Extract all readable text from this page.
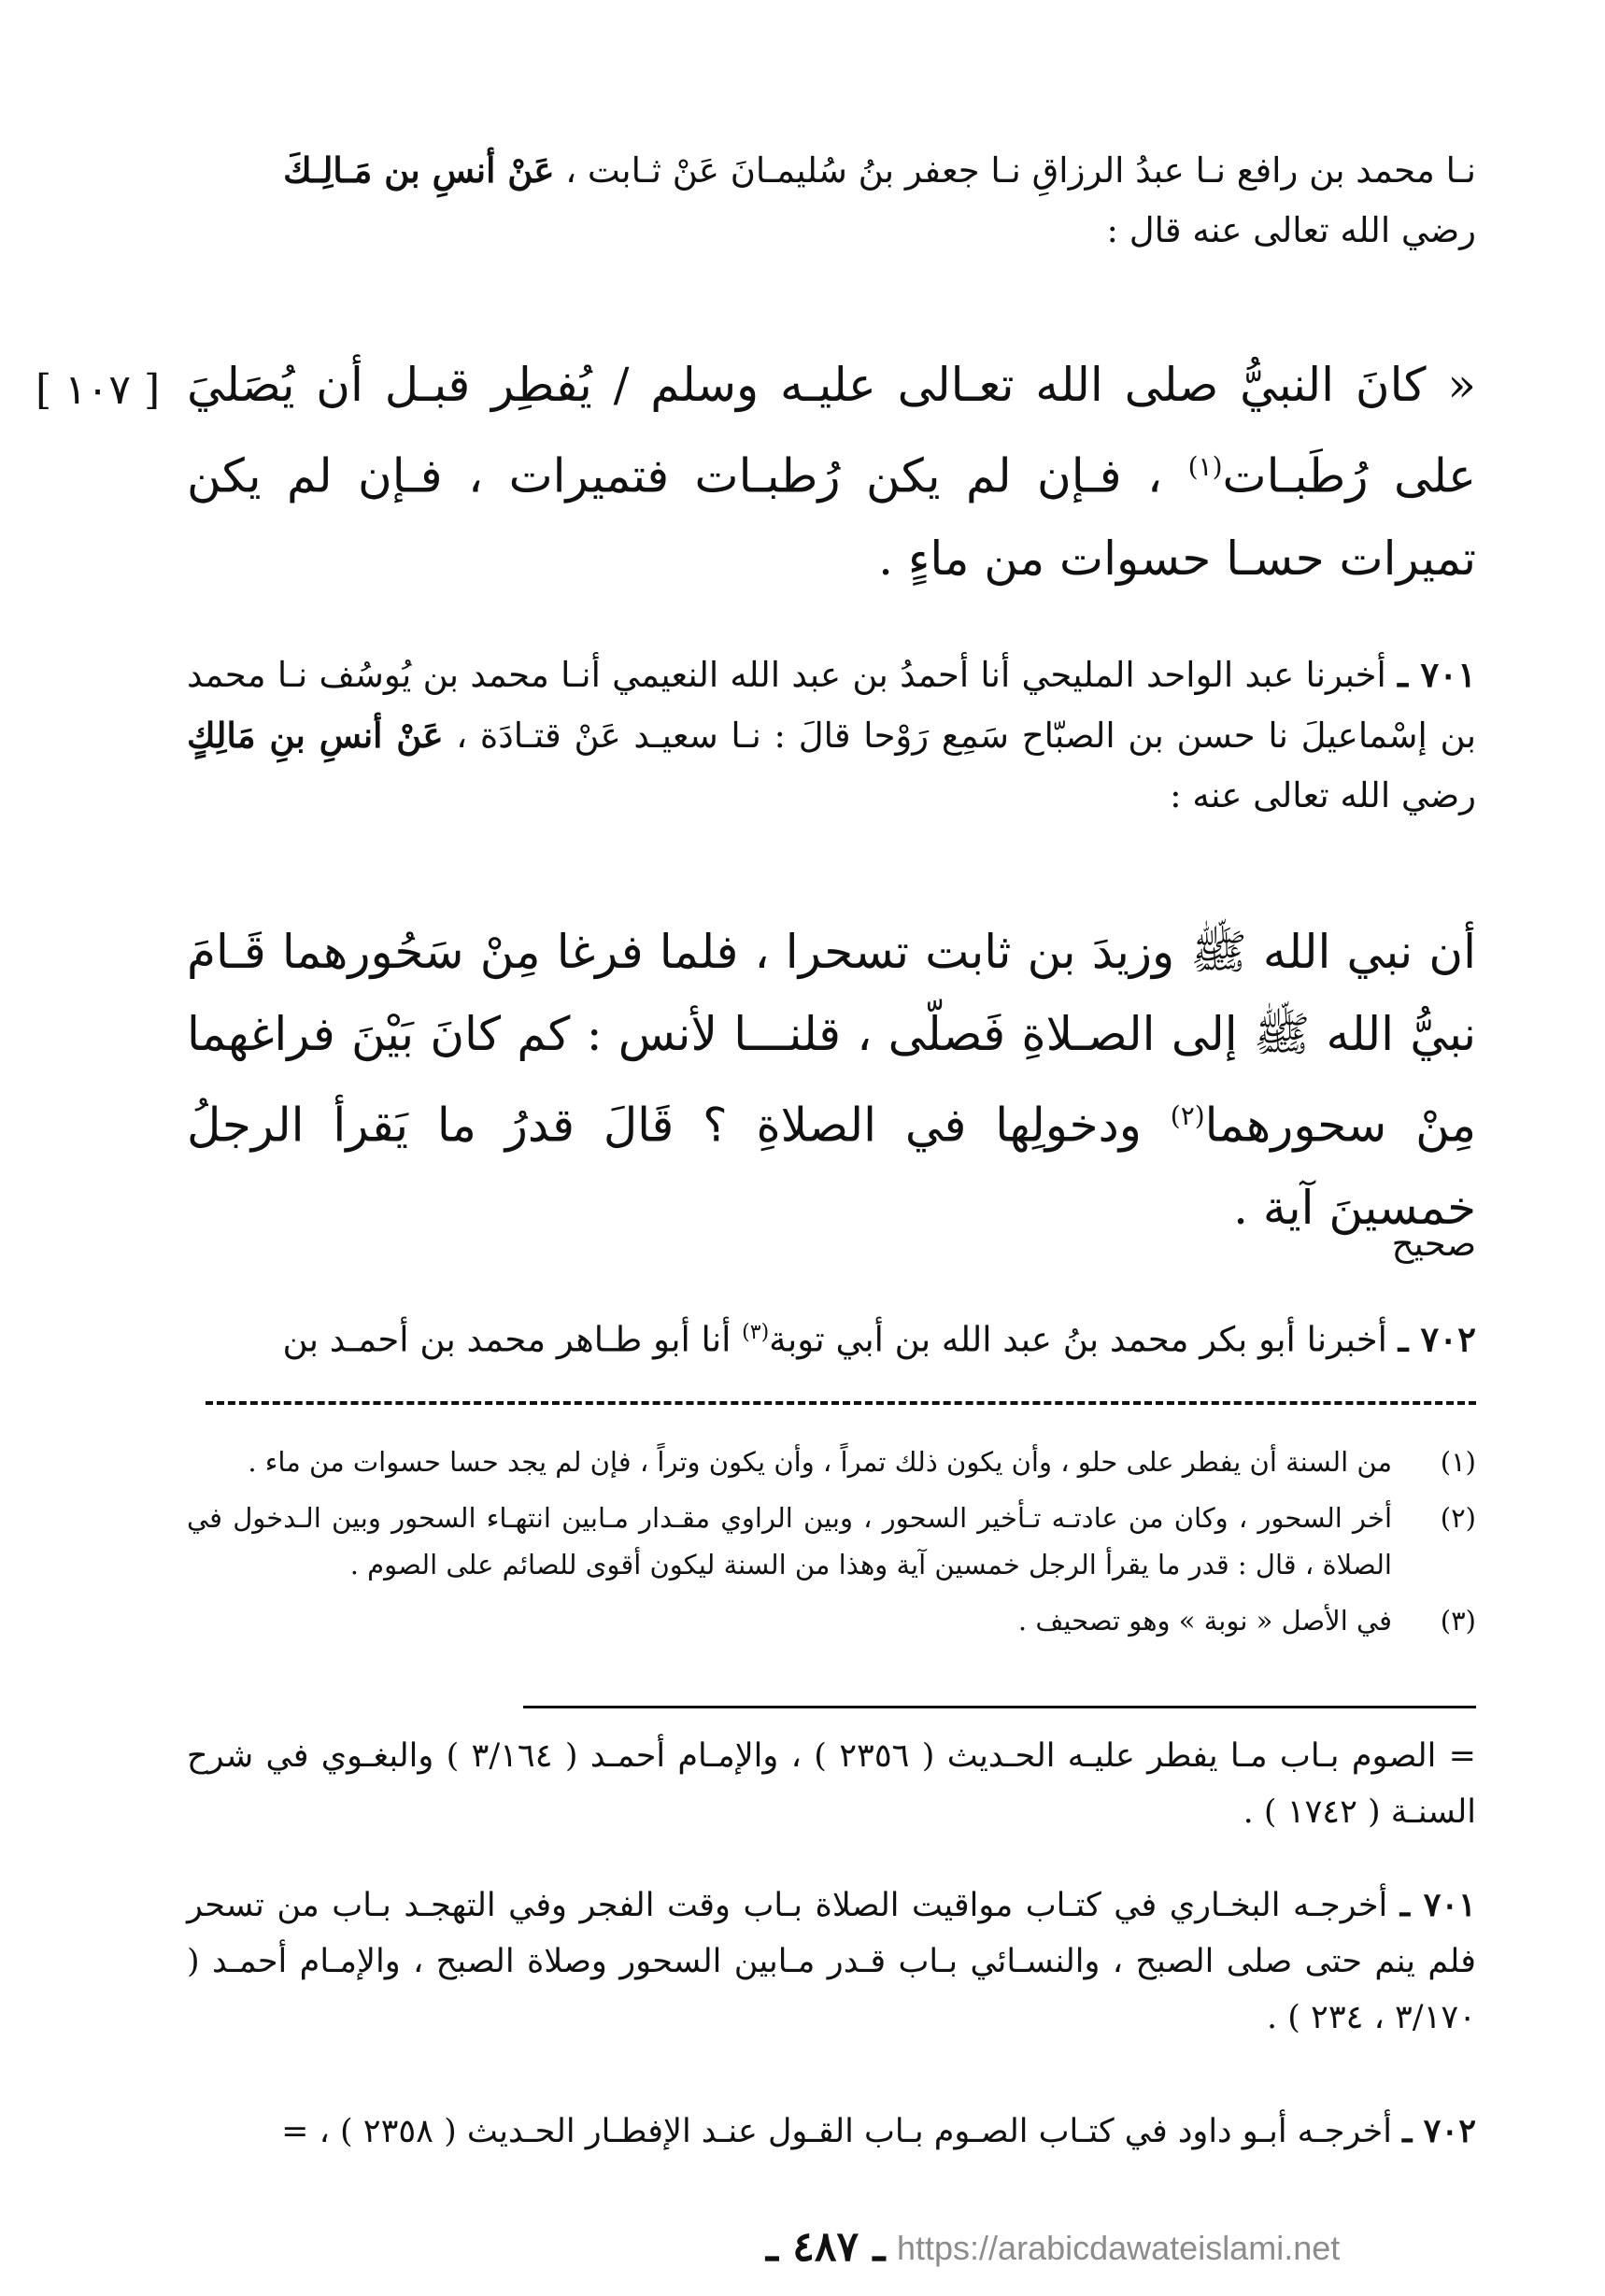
نـا محمد بن رافع نـا عبدُ الرزاقِ نـا جعفر بنُ سُليمـانَ عَنْ ثـابت ، عَنْ أنسِ بن مَـالِـكَ
رضي الله تعالى عنه قال :
[ ١٠٧ ] « كانَ النبيُّ صلى الله تعـالى عليـه وسلم / يُفطِر قبـل أن يُصَليَ على رُطَبـات$^{(١)}$ ، فـإن لم يكن رُطبـات فتميرات ، فـإن لم يكن تميرات حسـا حسوات من ماءٍ .
٧٠١ ـ أخبرنا عبد الواحد المليحي أنا أحمدُ بن عبد الله النعيمي أنـا محمد بن يُوسُف نـا محمد بن إسْماعيلَ نا حسن بن الصبّاح سَمِع رَوْحا قالَ : نـا سعيـد عَنْ قتـادَة ، عَنْ أنسِ بنِ مَالِكٍ رضي الله تعالى عنه :
أن نبي الله ﷺ وزيدَ بن ثابت تسحرا ، فلما فرغا مِنْ سَحُورهما قَـامَ نبيُّ الله ﷺ إلى الصـلاةِ فَصلّى ، قلنـــا لأنس : كم كانَ بَيْنَ فراغهما مِنْ سحورهما$^{(٢)}$ ودخولِها في الصلاةِ ؟ قَالَ قدرُ ما يَقرأ الرجلُ خمسينَ آية .
صحيح
٧٠٢ ـ أخبرنا أبو بكر محمد بنُ عبد الله بن أبي توبة$^{(٣)}$ أنا أبو طـاهر محمد بن أحمـد بن
(١)
من السنة أن يفطر على حلو ، وأن يكون ذلك تمراً ، وأن يكون وتراً ، فإن لم يجد حسا حسوات من ماء .
(٢)
أخر السحور ، وكان من عادتـه تـأخير السحور ، وبين الراوي مقـدار مـابين انتهـاء السحور وبين الـدخول في الصلاة ، قال : قدر ما يقرأ الرجل خمسين آية وهذا من السنة ليكون أقوى للصائم على الصوم .
(٣)
في الأصل « نوبة » وهو تصحيف .
= الصوم بـاب مـا يفطر عليـه الحـديث ( ٢٣٥٦ ) ، والإمـام أحمـد ( ٣/١٦٤ ) والبغـوي في شرح السنـة ( ١٧٤٢ ) .
٧٠١ ـ أخرجـه البخـاري في كتـاب مواقيت الصلاة بـاب وقت الفجر وفي التهجـد بـاب من تسحر فلم ينم حتى صلى الصبح ، والنسـائي بـاب قـدر مـابين السحور وصلاة الصبح ، والإمـام أحمـد ( ٣/١٧٠ ، ٢٣٤ ) .
٧٠٢ ـ أخرجـه أبـو داود في كتـاب الصـوم بـاب القـول عنـد الإفطـار الحـديث ( ٢٣٥٨ ) ، =
ـ ٤٨٧ ـ https://arabicdawateislami.net
